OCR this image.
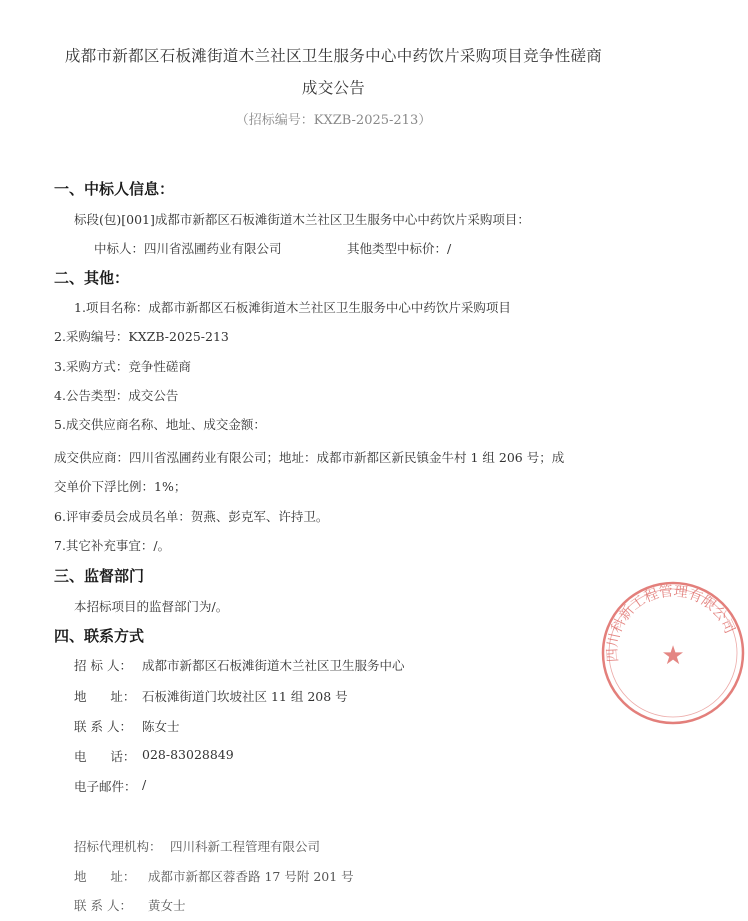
成都市新都区石板滩街道木兰社区卫生服务中心中药饮片采购项目竞争性磋商
成交公告
（招标编号：KXZB-2025-213）
一、中标人信息：
标段(包)[001]成都市新都区石板滩街道木兰社区卫生服务中心中药饮片采购项目：
中标人：四川省泓圃药业有限公司	其他类型中标价：/
二、其他：
1.项目名称：成都市新都区石板滩街道木兰社区卫生服务中心中药饮片采购项目
2.采购编号：KXZB-2025-213
3.采购方式：竞争性磋商
4.公告类型：成交公告
5.成交供应商名称、地址、成交金额：
成交供应商：四川省泓圃药业有限公司；地址：成都市新都区新民镇金牛村 1 组 206 号；成
交单价下浮比例：1%；
6.评审委员会成员名单：贺燕、彭克军、许持卫。
7.其它补充事宜：/。
三、监督部门
本招标项目的监督部门为/。
四、联系方式
招 标 人： 成都市新都区石板滩街道木兰社区卫生服务中心
地      址： 石板滩街道门坎坡社区 11 组 208 号
联 系 人： 陈女士
电      话： 028-83028849
电子邮件： /
招标代理机构： 四川科新工程管理有限公司
地      址： 成都市新都区蓉香路 17 号附 201 号
联 系 人： 黄女士
四川科新工程管理有限公司
★
